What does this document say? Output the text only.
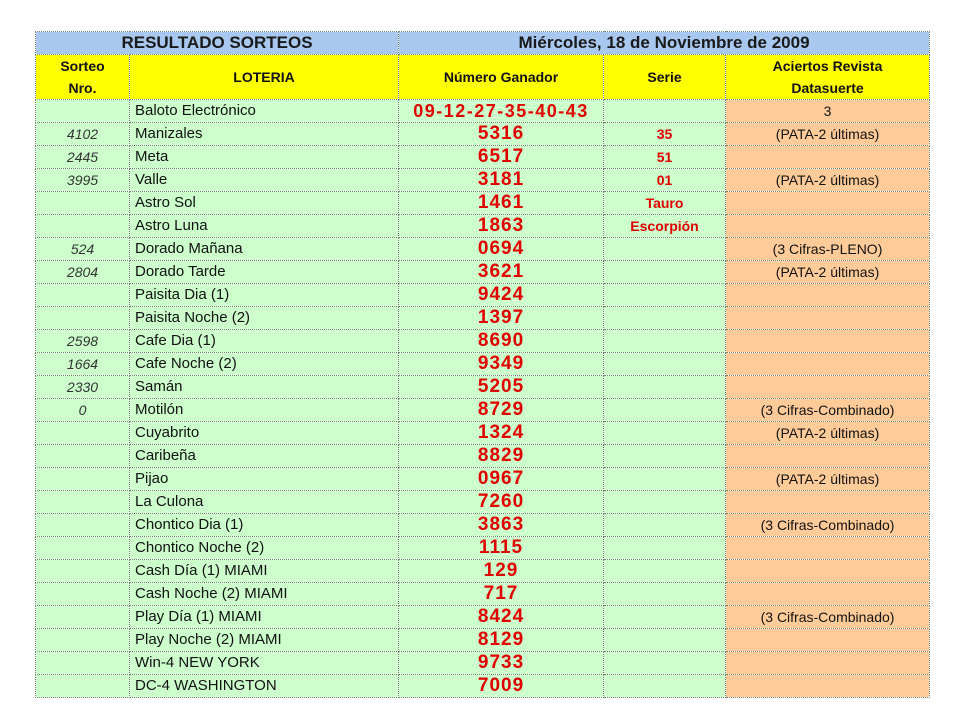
RESULTADO SORTEOS		Miércoles, 18 de Noviembre de 2009		
Sorteo Nro.	LOTERIA	Número Ganador	Serie	Aciertos Revista Datasuerte
	Baloto Electrónico	09-12-27-35-40-43		3
4102	Manizales	5316	35	(PATA-2 últimas)
2445	Meta	6517	51	
3995	Valle	3181	01	(PATA-2 últimas)
	Astro Sol	1461	Tauro	
	Astro Luna	1863	Escorpión	
524	Dorado Mañana	0694		(3 Cifras-PLENO)
2804	Dorado Tarde	3621		(PATA-2 últimas)
	Paisita Dia (1)	9424		
	Paisita Noche (2)	1397		
2598	Cafe Dia (1)	8690		
1664	Cafe Noche (2)	9349		
2330	Samán	5205		
0	Motilón	8729		(3 Cifras-Combinado)
	Cuyabrito	1324		(PATA-2 últimas)
	Caribeña	8829		
	Pijao	0967		(PATA-2 últimas)
	La Culona	7260		
	Chontico Dia (1)	3863		(3 Cifras-Combinado)
	Chontico Noche (2)	1115		
	Cash Día (1) MIAMI	129		
	Cash Noche (2) MIAMI	717		
	Play Día (1) MIAMI	8424		(3 Cifras-Combinado)
	Play Noche (2) MIAMI	8129		
	Win-4 NEW YORK	9733		
	DC-4 WASHINGTON	7009		
